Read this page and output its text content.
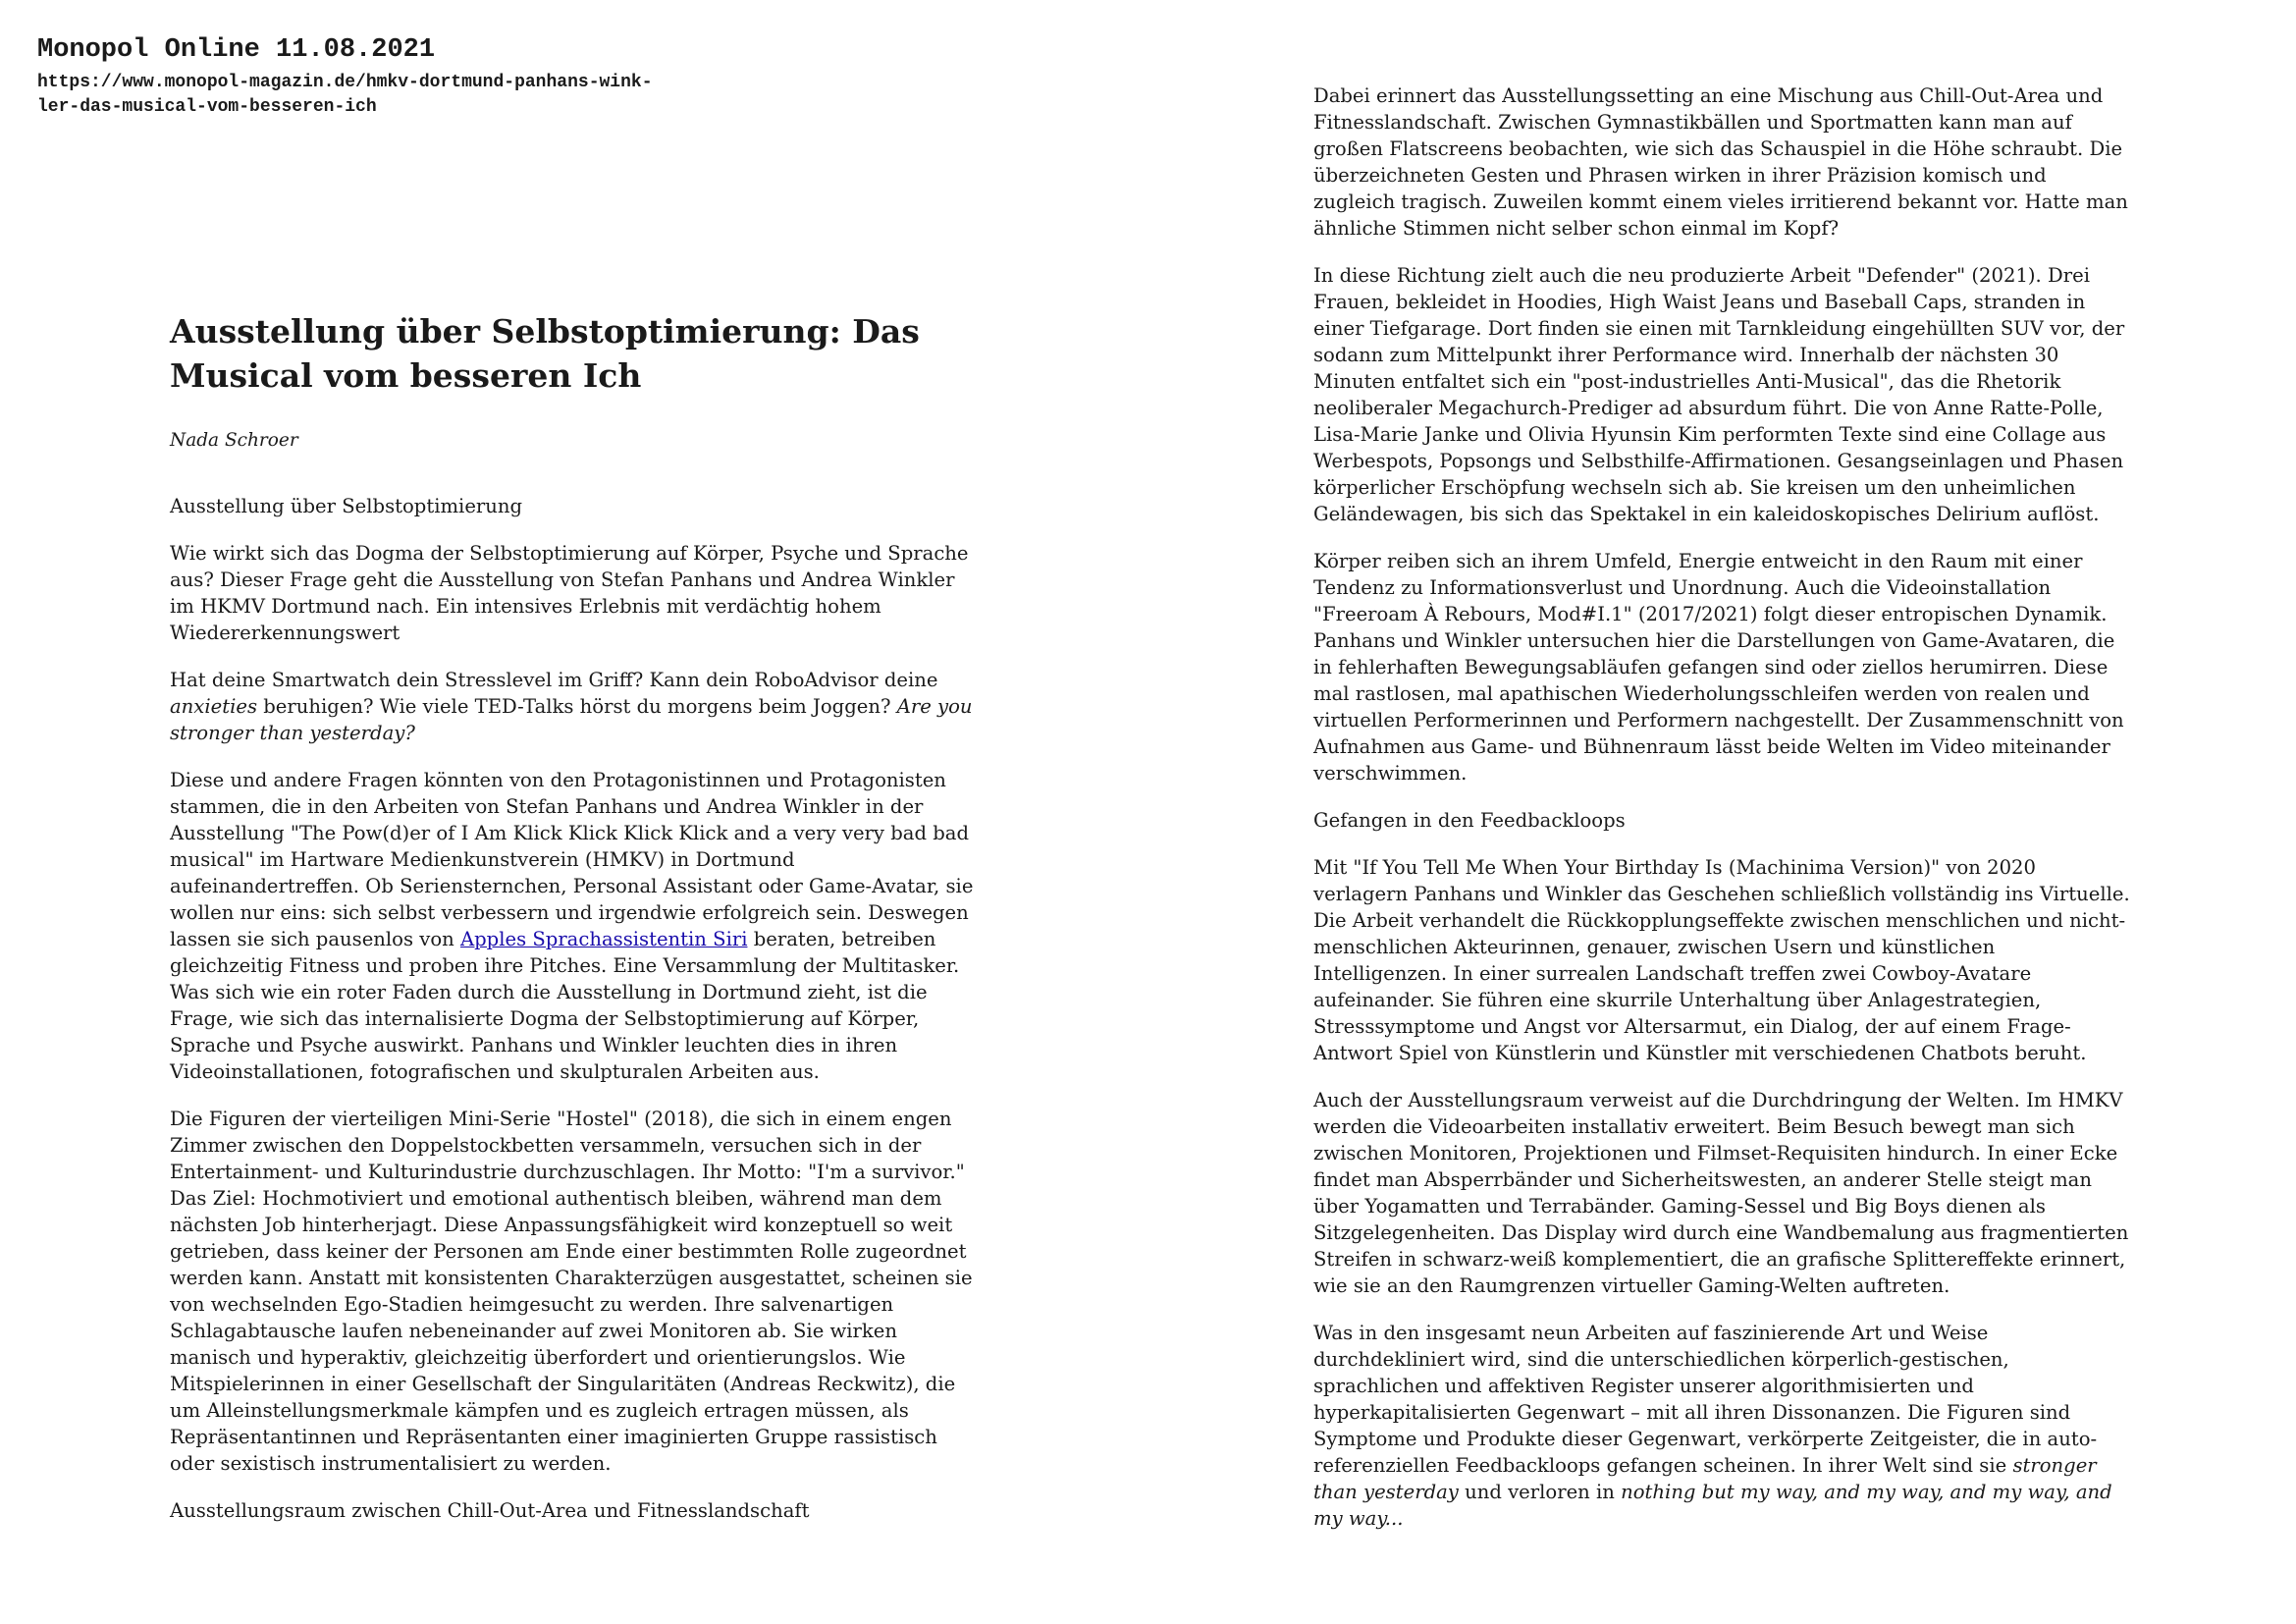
Monopol Online 11.08.2021

https://www.monopol-magazin.de/hmkv-dortmund-panhans-wink-
ler-das-musical-vom-besseren-ich

Ausstellung über Selbstoptimierung: Das Musical vom besseren Ich

Nada Schroer

Ausstellung über Selbstoptimierung

Wie wirkt sich das Dogma der Selbstoptimierung auf Körper, Psyche und Sprache aus? Dieser Frage geht die Ausstellung von Stefan Panhans und Andrea Winkler im HKMV Dortmund nach. Ein intensives Erlebnis mit verdächtig hohem Wiedererkennungswert

Hat deine Smartwatch dein Stresslevel im Griff? Kann dein RoboAdvisor deine anxieties beruhigen? Wie viele TED-Talks hörst du morgens beim Joggen? Are you stronger than yesterday?

Diese und andere Fragen könnten von den Protagonistinnen und Protagonisten stammen, die in den Arbeiten von Stefan Panhans und Andrea Winkler in der Ausstellung "The Pow(d)er of I Am Klick Klick Klick Klick and a very very bad bad musical" im Hartware Medienkunstverein (HMKV) in Dortmund aufeinandertreffen. Ob Seriensternchen, Personal Assistant oder Game-Avatar, sie wollen nur eins: sich selbst verbessern und irgendwie erfolgreich sein. Deswegen lassen sie sich pausenlos von Apples Sprachassistentin Siri beraten, betreiben gleichzeitig Fitness und proben ihre Pitches. Eine Versammlung der Multitasker. Was sich wie ein roter Faden durch die Ausstellung in Dortmund zieht, ist die Frage, wie sich das internalisierte Dogma der Selbstoptimierung auf Körper, Sprache und Psyche auswirkt. Panhans und Winkler leuchten dies in ihren Videoinstallationen, fotografischen und skulpturalen Arbeiten aus.

Die Figuren der vierteiligen Mini-Serie "Hostel" (2018), die sich in einem engen Zimmer zwischen den Doppelstockbetten versammeln, versuchen sich in der Entertainment- und Kulturindustrie durchzuschlagen. Ihr Motto: "I'm a survivor." Das Ziel: Hochmotiviert und emotional authentisch bleiben, während man dem nächsten Job hinterherjagt. Diese Anpassungsfähigkeit wird konzeptuell so weit getrieben, dass keiner der Personen am Ende einer bestimmten Rolle zugeordnet werden kann. Anstatt mit konsistenten Charakterzügen ausgestattet, scheinen sie von wechselnden Ego-Stadien heimgesucht zu werden. Ihre salvenartigen Schlagabtausche laufen nebeneinander auf zwei Monitoren ab. Sie wirken manisch und hyperaktiv, gleichzeitig überfordert und orientierungslos. Wie Mitspielerinnen in einer Gesellschaft der Singularitäten (Andreas Reckwitz), die um Alleinstellungsmerkmale kämpfen und es zugleich ertragen müssen, als Repräsentantinnen und Repräsentanten einer imaginierten Gruppe rassistisch oder sexistisch instrumentalisiert zu werden.

Ausstellungsraum zwischen Chill-Out-Area und Fitnesslandschaft

Dabei erinnert das Ausstellungssetting an eine Mischung aus Chill-Out-Area und Fitnesslandschaft. Zwischen Gymnastikbällen und Sportmatten kann man auf großen Flatscreens beobachten, wie sich das Schauspiel in die Höhe schraubt. Die überzeichneten Gesten und Phrasen wirken in ihrer Präzision komisch und zugleich tragisch. Zuweilen kommt einem vieles irritierend bekannt vor. Hatte man ähnliche Stimmen nicht selber schon einmal im Kopf?

In diese Richtung zielt auch die neu produzierte Arbeit "Defender" (2021). Drei Frauen, bekleidet in Hoodies, High Waist Jeans und Baseball Caps, stranden in einer Tiefgarage. Dort finden sie einen mit Tarnkleidung eingehüllten SUV vor, der sodann zum Mittelpunkt ihrer Performance wird. Innerhalb der nächsten 30 Minuten entfaltet sich ein "post-industrielles Anti-Musical", das die Rhetorik neoliberaler Megachurch-Prediger ad absurdum führt. Die von Anne Ratte-Polle, Lisa-Marie Janke und Olivia Hyunsin Kim performten Texte sind eine Collage aus Werbespots, Popsongs und Selbsthilfe-Affirmationen. Gesangseinlagen und Phasen körperlicher Erschöpfung wechseln sich ab. Sie kreisen um den unheimlichen Geländewagen, bis sich das Spektakel in ein kaleidoskopisches Delirium auflöst.

Körper reiben sich an ihrem Umfeld, Energie entweicht in den Raum mit einer Tendenz zu Informationsverlust und Unordnung. Auch die Videoinstallation "Freeroam À Rebours, Mod#I.1" (2017/2021) folgt dieser entropischen Dynamik. Panhans und Winkler untersuchen hier die Darstellungen von Game-Avataren, die in fehlerhaften Bewegungsabläufen gefangen sind oder ziellos herumirren. Diese mal rastlosen, mal apathischen Wiederholungsschleifen werden von realen und virtuellen Performerinnen und Performern nachgestellt. Der Zusammenschnitt von Aufnahmen aus Game- und Bühnenraum lässt beide Welten im Video miteinander verschwimmen.

Gefangen in den Feedbackloops

Mit "If You Tell Me When Your Birthday Is (Machinima Version)" von 2020 verlagern Panhans und Winkler das Geschehen schließlich vollständig ins Virtuelle. Die Arbeit verhandelt die Rückkopplungseffekte zwischen menschlichen und nicht-menschlichen Akteurinnen, genauer, zwischen Usern und künstlichen Intelligenzen. In einer surrealen Landschaft treffen zwei Cowboy-Avatare aufeinander. Sie führen eine skurrile Unterhaltung über Anlagestrategien, Stresssymptome und Angst vor Altersarmut, ein Dialog, der auf einem Frage-Antwort Spiel von Künstlerin und Künstler mit verschiedenen Chatbots beruht.

Auch der Ausstellungsraum verweist auf die Durchdringung der Welten. Im HMKV werden die Videoarbeiten installativ erweitert. Beim Besuch bewegt man sich zwischen Monitoren, Projektionen und Filmset-Requisiten hindurch. In einer Ecke findet man Absperrbänder und Sicherheitswesten, an anderer Stelle steigt man über Yogamatten und Terrabänder. Gaming-Sessel und Big Boys dienen als Sitzgelegenheiten. Das Display wird durch eine Wandbemalung aus fragmentierten Streifen in schwarz-weiß komplementiert, die an grafische Splittereffekte erinnert, wie sie an den Raumgrenzen virtueller Gaming-Welten auftreten.

Was in den insgesamt neun Arbeiten auf faszinierende Art und Weise durchdekliniert wird, sind die unterschiedlichen körperlich-gestischen, sprachlichen und affektiven Register unserer algorithmisierten und hyperkapitalisierten Gegenwart – mit all ihren Dissonanzen. Die Figuren sind Symptome und Produkte dieser Gegenwart, verkörperte Zeitgeister, die in auto-referenziellen Feedbackloops gefangen scheinen. In ihrer Welt sind sie stronger than yesterday und verloren in nothing but my way, and my way, and my way, and my way...
